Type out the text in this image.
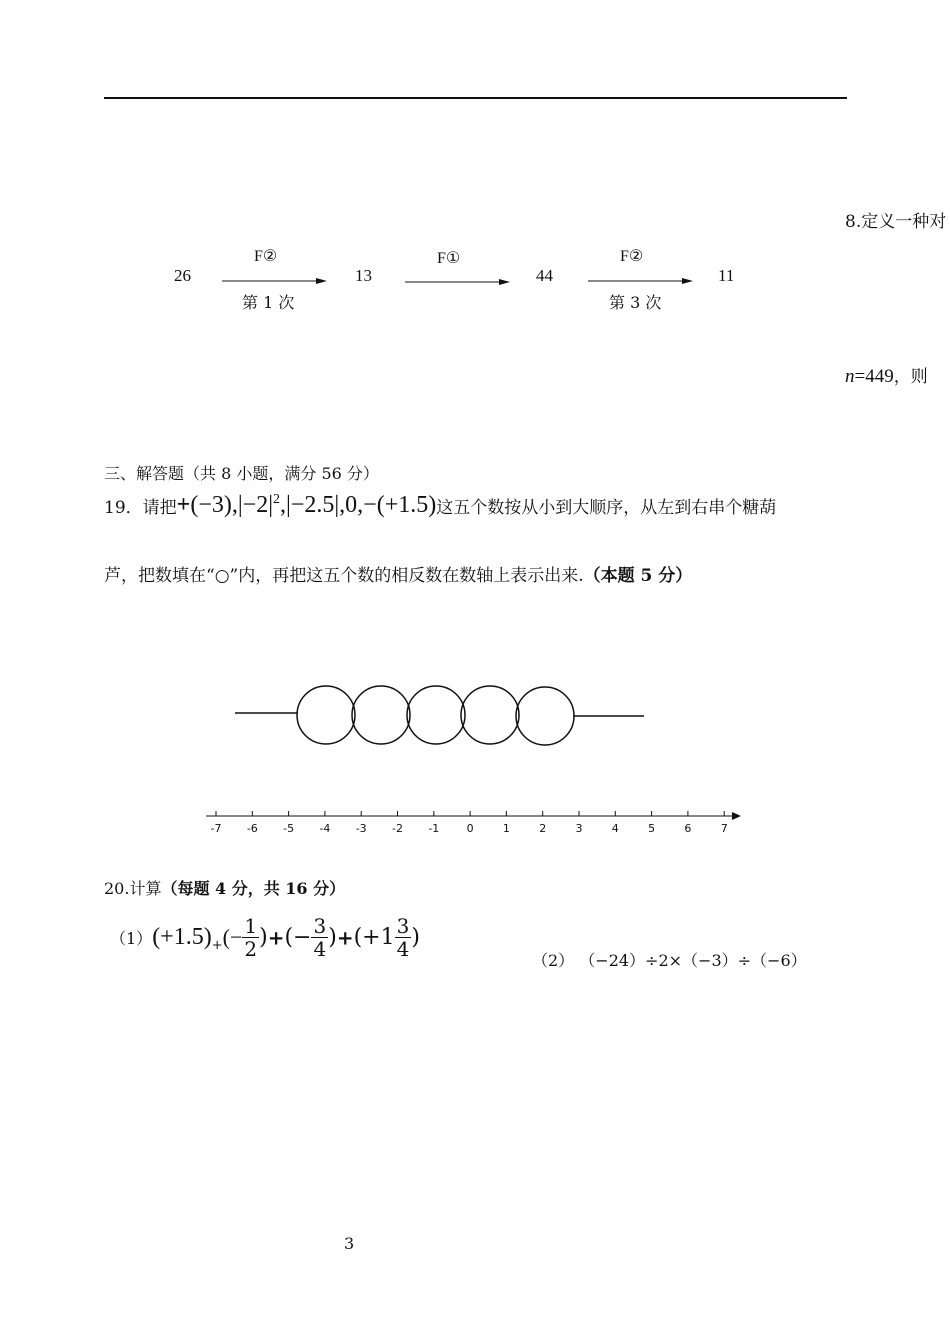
8.定义一种对
n=449，则
26	13	44	11
F②
第 1 次
F①	F②
第 3 次
三、解答题（共 8 小题，满分 56 分）
19．请把$+(-3),|-2|^2,|-2.5|,0,-(+1.5)$这五个数按从小到大顺序，从左到右串个糖葫
芦，把数填在“○”内，再把这五个数的相反数在数轴上表示出来.（本题 5 分）
-7 -6 -5 -4 -3 -2 -1 0	1	2	3	4	5	6	7
20.计算（每题 4 分，共 16 分）
$(1)(+1.5)_+(- \frac{1}{2}$ )+(− $\frac{3}{4} )+(+1 \frac{3}{4}$ )
（2） （−24）÷2×（−3）÷（−6）
3
